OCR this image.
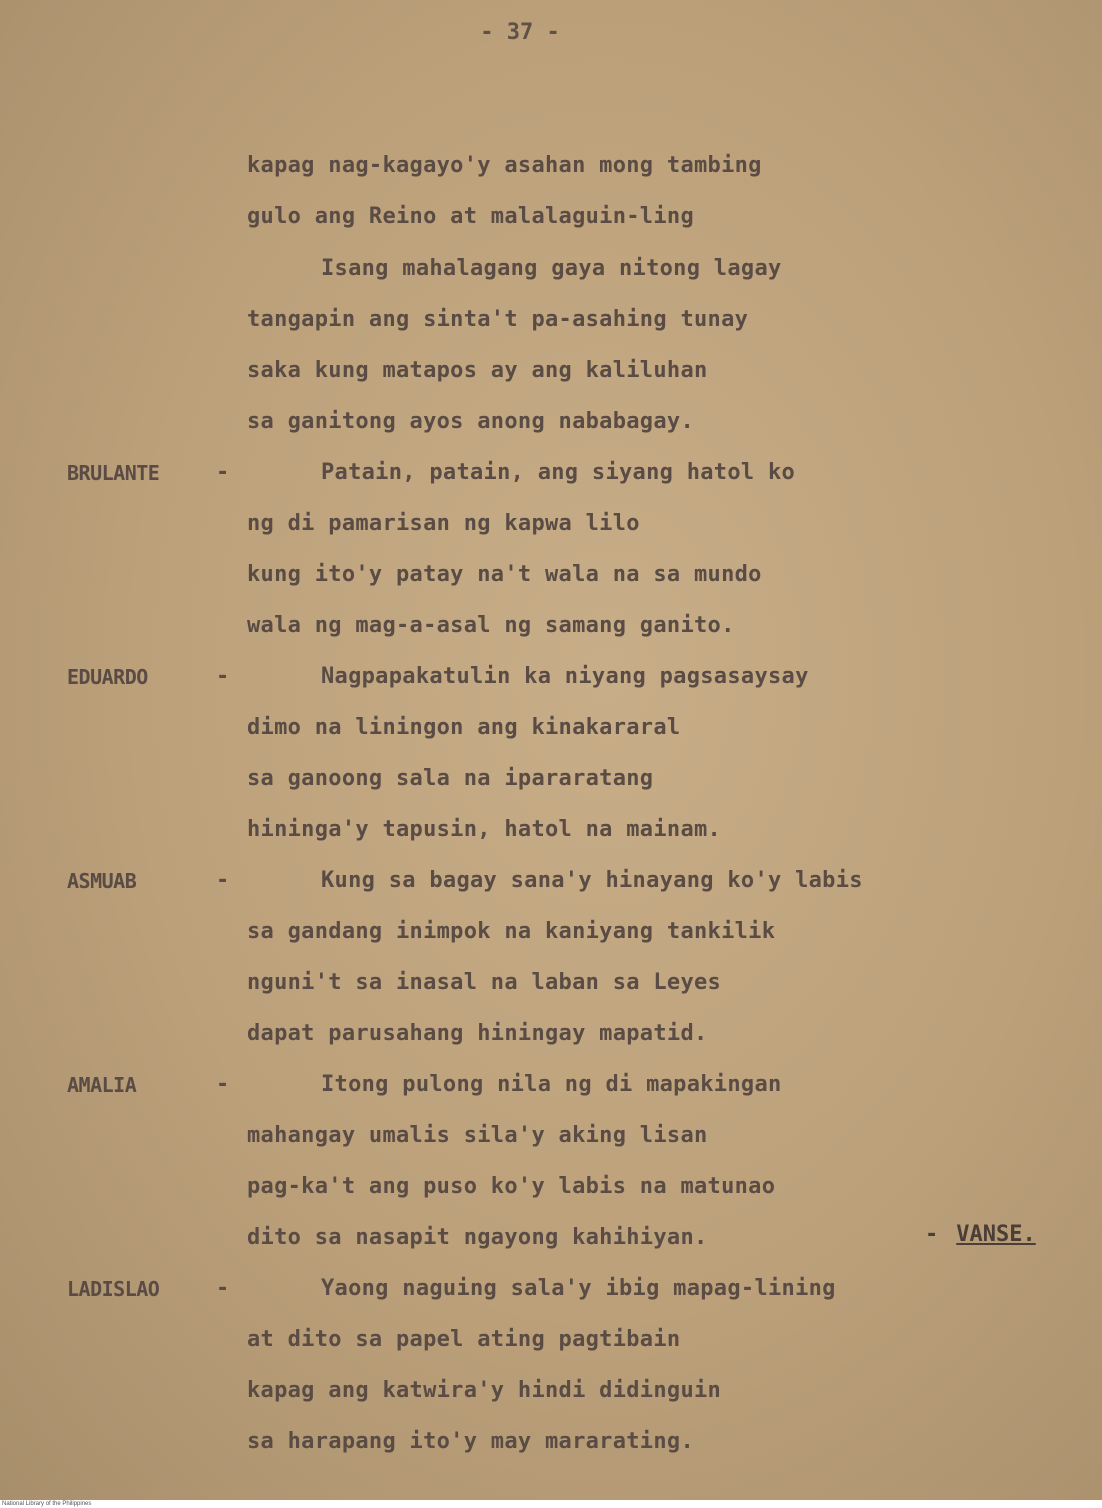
- 37 -
kapag nag-kagayo'y asahan mong tambing
gulo ang Reino at malalaguin-ling
Isang mahalagang gaya nitong lagay
tangapin ang sinta't pa-asahing tunay
saka kung matapos ay ang kaliluhan
sa ganitong ayos anong nababagay.
BRULANTE	-	Patain, patain, ang siyang hatol ko
ng di pamarisan ng kapwa lilo
kung ito'y patay na't wala na sa mundo
wala ng mag-a-asal ng samang ganito.
EDUARDO	-	Nagpapakatulin ka niyang pagsasaysay
dimo na liningon ang kinakararal
sa ganoong sala na ipararatang
hininga'y tapusin, hatol na mainam.
ASMUAB	-	Kung sa bagay sana'y hinayang ko'y labis
sa gandang inimpok na kaniyang tankilik
nguni't sa inasal na laban sa Leyes
dapat parusahang hiningay mapatid.
AMALIA	-	Itong pulong nila ng di mapakingan
mahangay umalis sila'y aking lisan
pag-ka't ang puso ko'y labis na matunao
dito sa nasapit ngayong kahihiyan.	- VANSE.
LADISLAO	-	Yaong naguing sala'y ibig mapag-lining
at dito sa papel ating pagtibain
kapag ang katwira'y hindi didinguin
sa harapang ito'y may mararating.
National Library of the Philippines
